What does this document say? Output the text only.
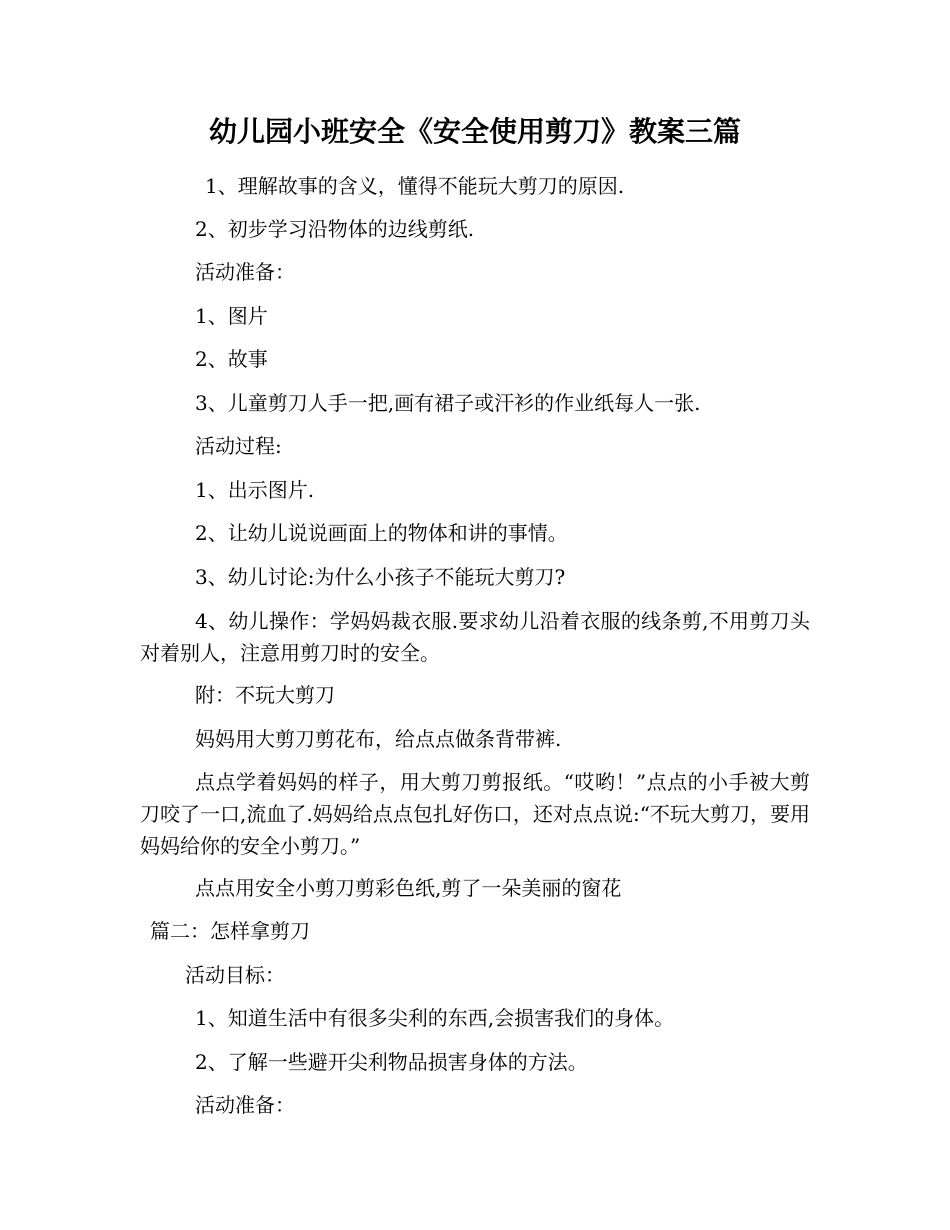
幼儿园小班安全《安全使用剪刀》教案三篇

1、理解故事的含义，懂得不能玩大剪刀的原因.

2、初步学习沿物体的边线剪纸.

活动准备：

1、图片

2、故事

3、儿童剪刀人手一把,画有裙子或汗衫的作业纸每人一张.

活动过程:

1、出示图片.

2、让幼儿说说画面上的物体和讲的事情。

3、幼儿讨论:为什么小孩子不能玩大剪刀?

4、幼儿操作：学妈妈裁衣服.要求幼儿沿着衣服的线条剪,不用剪刀头对着别人，注意用剪刀时的安全。

附：不玩大剪刀

妈妈用大剪刀剪花布，给点点做条背带裤.

点点学着妈妈的样子，用大剪刀剪报纸。“哎哟！”点点的小手被大剪刀咬了一口,流血了.妈妈给点点包扎好伤口，还对点点说:“不玩大剪刀，要用妈妈给你的安全小剪刀。”

点点用安全小剪刀剪彩色纸,剪了一朵美丽的窗花

篇二：怎样拿剪刀

活动目标：

1、知道生活中有很多尖利的东西,会损害我们的身体。

2、了解一些避开尖利物品损害身体的方法。

活动准备：
